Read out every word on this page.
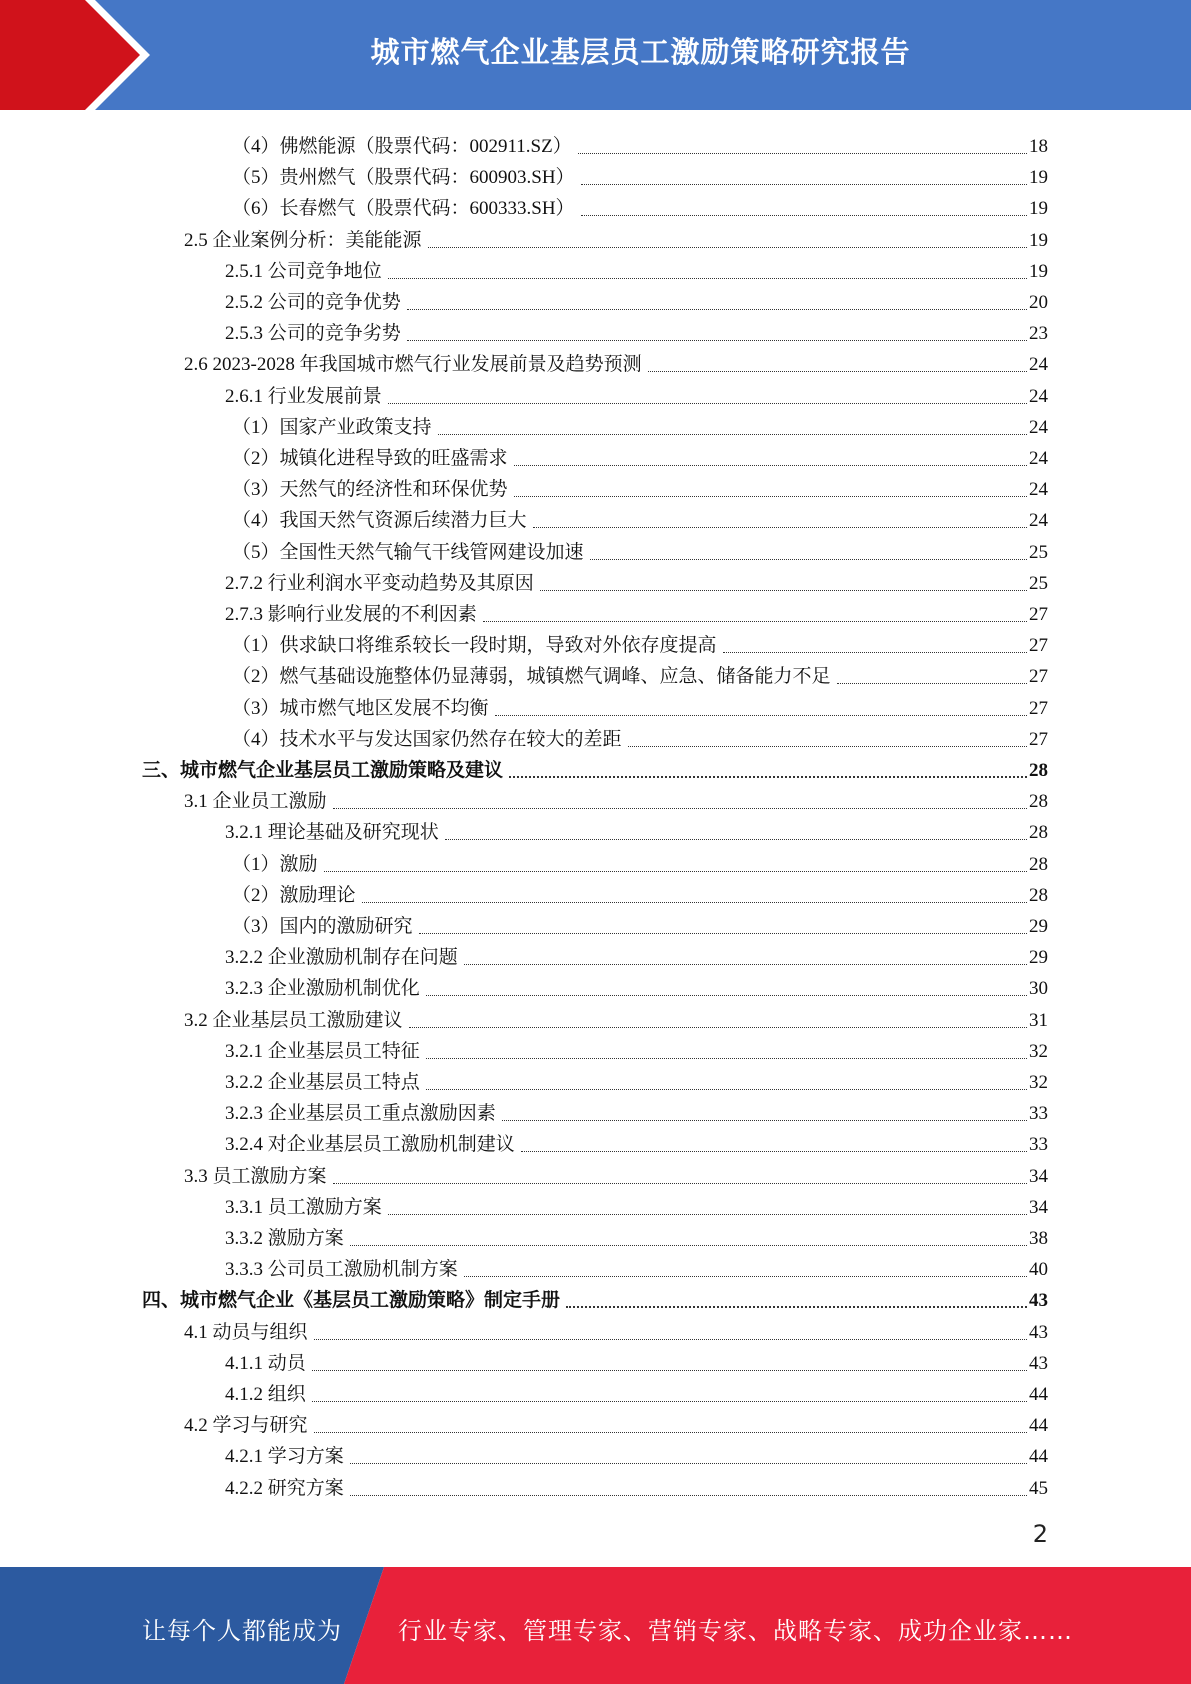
城市燃气企业基层员工激励策略研究报告
（4）佛燃能源（股票代码：002911.SZ）	18
（5）贵州燃气（股票代码：600903.SH）	19
（6）长春燃气（股票代码：600333.SH）	19
2.5 企业案例分析：美能能源	19
2.5.1 公司竞争地位	19
2.5.2 公司的竞争优势	20
2.5.3 公司的竞争劣势	23
2.6 2023-2028 年我国城市燃气行业发展前景及趋势预测	24
2.6.1 行业发展前景	24
（1）国家产业政策支持	24
（2）城镇化进程导致的旺盛需求	24
（3）天然气的经济性和环保优势	24
（4）我国天然气资源后续潜力巨大	24
（5）全国性天然气输气干线管网建设加速	25
2.7.2 行业利润水平变动趋势及其原因	25
2.7.3 影响行业发展的不利因素	27
（1）供求缺口将维系较长一段时期，导致对外依存度提高	27
（2）燃气基础设施整体仍显薄弱，城镇燃气调峰、应急、储备能力不足	27
（3）城市燃气地区发展不均衡	27
（4）技术水平与发达国家仍然存在较大的差距	27
三、城市燃气企业基层员工激励策略及建议	28
3.1 企业员工激励	28
3.2.1 理论基础及研究现状	28
（1）激励	28
（2）激励理论	28
（3）国内的激励研究	29
3.2.2 企业激励机制存在问题	29
3.2.3 企业激励机制优化	30
3.2 企业基层员工激励建议	31
3.2.1 企业基层员工特征	32
3.2.2 企业基层员工特点	32
3.2.3 企业基层员工重点激励因素	33
3.2.4 对企业基层员工激励机制建议	33
3.3 员工激励方案	34
3.3.1 员工激励方案	34
3.3.2 激励方案	38
3.3.3 公司员工激励机制方案	40
四、城市燃气企业《基层员工激励策略》制定手册	43
4.1 动员与组织	43
4.1.1 动员	43
4.1.2 组织	44
4.2 学习与研究	44
4.2.1 学习方案	44
4.2.2 研究方案	45
2
让每个人都能成为 行业专家、管理专家、营销专家、战略专家、成功企业家……
